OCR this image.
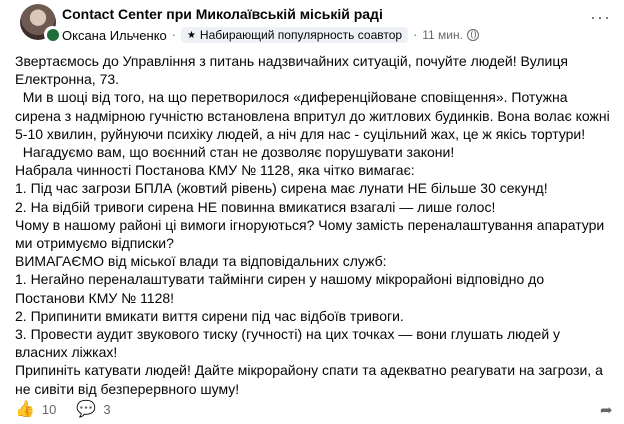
Contact Center при Миколаївській міській раді
Оксана Ильченко · ★ Набирающий популярность соавтор · 11 мин.
···

Звертаємось до Управління з питань надзвичайних ситуацій, почуйте людей! Вулиця Електронна, 73.

Ми в шоці від того, на що перетворилося «диференційоване сповіщення». Потужна сирена з надмірною гучністю встановлена впритул до житлових будинків. Вона волає кожні 5-10 хвилин, руйнуючи психіку людей, а ніч для нас - суцільний жах, це ж якісь тортури!

Нагадуємо вам, що воєнний стан не дозволяє порушувати закони!

Набрала чинності Постанова КМУ № 1128, яка чітко вимагає:

1. Під час загрози БПЛА (жовтий рівень) сирена має лунати НЕ більше 30 секунд!

2. На відбій тривоги сирена НЕ повинна вмикатися взагалі — лише голос!

Чому в нашому районі ці вимоги ігноруються? Чому замість переналаштування апаратури ми отримуємо відписки?

ВИМАГАЄМО від міської влади та відповідальних служб:

1. Негайно переналаштувати таймінги сирен у нашому мікрорайоні відповідно до Постанови КМУ № 1128!

2. Припинити вмикати виття сирени під час відбоїв тривоги.

3. Провести аудит звукового тиску (гучності) на цих точках — вони глушать людей у власних ліжках!

Припиніть катувати людей! Дайте мікрорайону спати та адекватно реагувати на загрози, а не сивіти від безперервного шуму!

👍 10 💬 3	➦
